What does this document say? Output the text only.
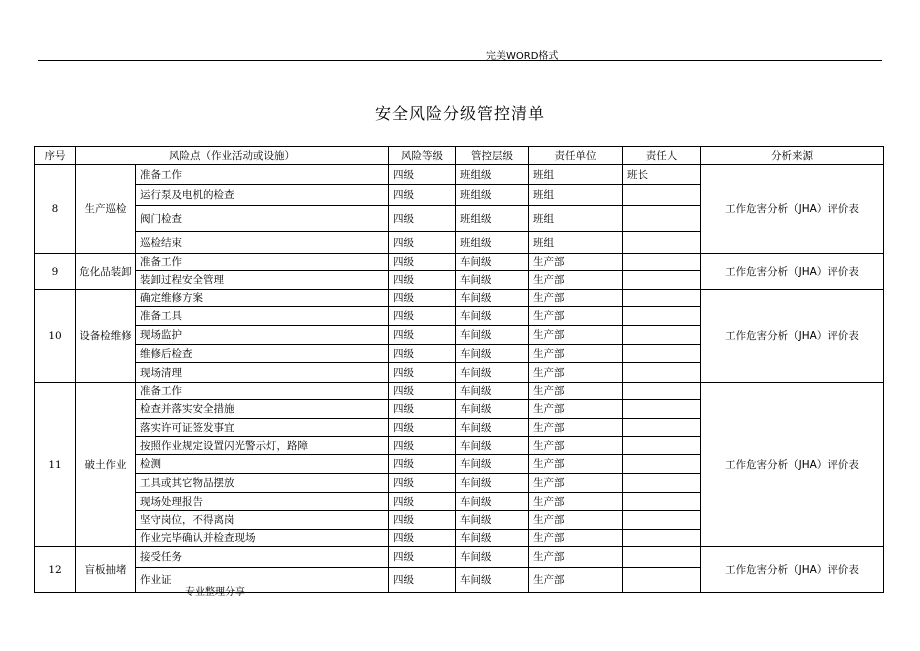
完美WORD格式
安全风险分级管控清单
序号	风险点（作业活动或设施）		风险等级	管控层级	责任单位	责任人	分析来源
8	生产巡检	准备工作	四级	班组级	班组	班长	工作危害分析（JHA）评价表
		运行泵及电机的检查	四级	班组级	班组		
		阀门检查	四级	班组级	班组		
		巡检结束	四级	班组级	班组		
9	危化品装卸	准备工作	四级	车间级	生产部		工作危害分析（JHA）评价表
		装卸过程安全管理	四级	车间级	生产部		
10	设备检维修	确定维修方案	四级	车间级	生产部		工作危害分析（JHA）评价表
		准备工具	四级	车间级	生产部		
		现场监护	四级	车间级	生产部		
		维修后检查	四级	车间级	生产部		
		现场清理	四级	车间级	生产部		
11	破土作业	准备工作	四级	车间级	生产部		工作危害分析（JHA）评价表
		检查并落实安全措施	四级	车间级	生产部		
		落实许可证签发事宜	四级	车间级	生产部		
		按照作业规定设置闪光警示灯，路障	四级	车间级	生产部		
		检测	四级	车间级	生产部		
		工具或其它物品摆放	四级	车间级	生产部		
		现场处理报告	四级	车间级	生产部		
		坚守岗位，不得离岗	四级	车间级	生产部		
		作业完毕确认并检查现场	四级	车间级	生产部		
12	盲板抽堵	接受任务	四级	车间级	生产部		工作危害分析（JHA）评价表
		作业证	四级	车间级	生产部		
专业整理分享
